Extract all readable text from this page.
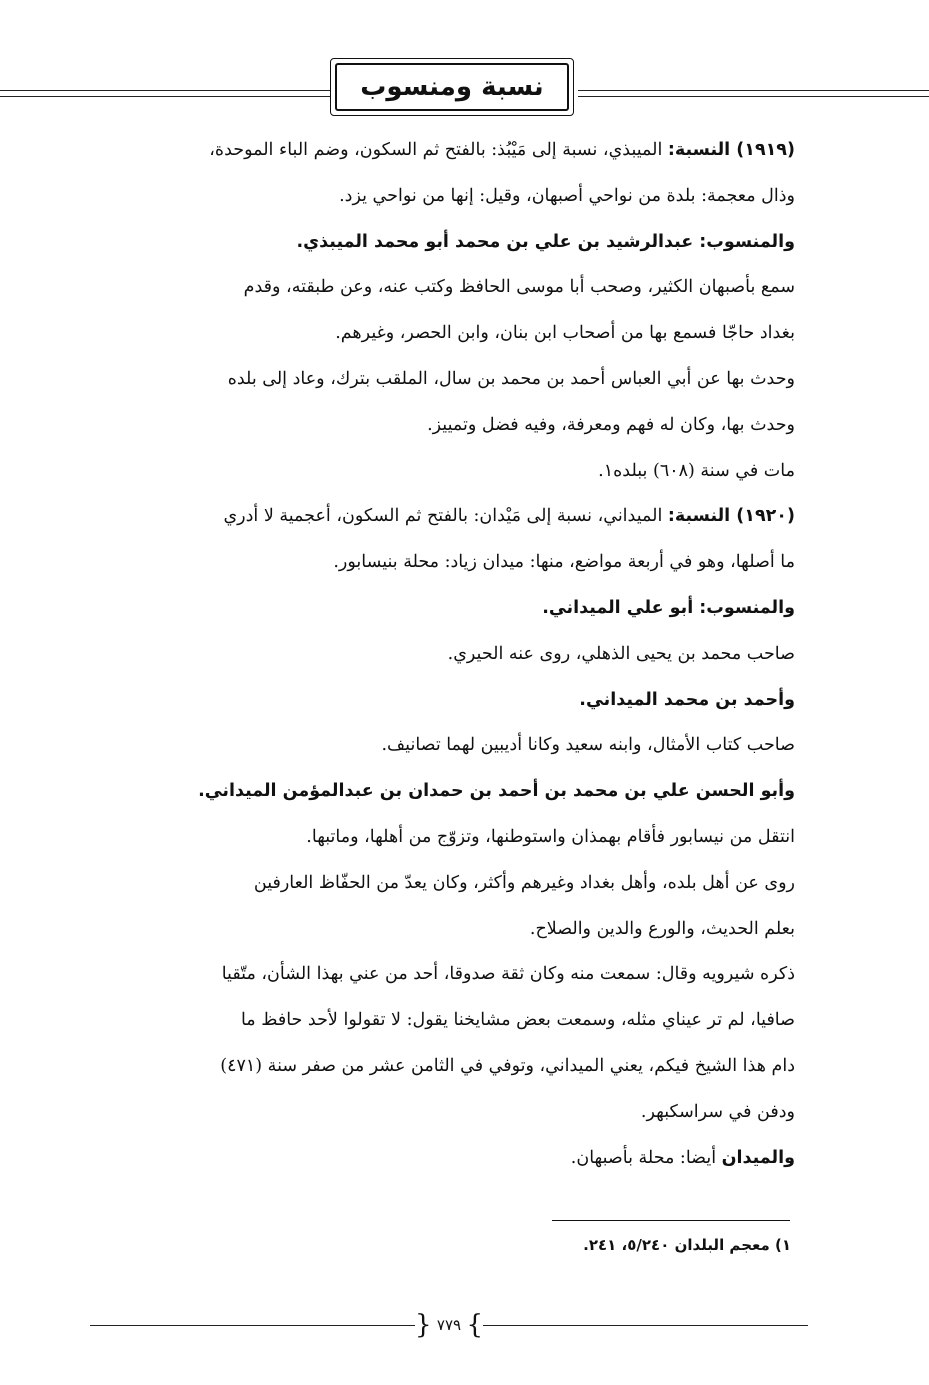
نسبة ومنسوب
(١٩١٩) النسبة: الميبذي، نسبة إلى مَيْبُذ: بالفتح ثم السكون، وضم الباء الموحدة،
وذال معجمة: بلدة من نواحي أصبهان، وقيل: إنها من نواحي يزد.
والمنسوب: عبدالرشيد بن علي بن محمد أبو محمد الميبذي.
سمع بأصبهان الكثير، وصحب أبا موسى الحافظ وكتب عنه، وعن طبقته، وقدم
بغداد حاجّا فسمع بها من أصحاب ابن بنان، وابن الحصر، وغيرهم.
وحدث بها عن أبي العباس أحمد بن محمد بن سال، الملقب بترك، وعاد إلى بلده
وحدث بها، وكان له فهم ومعرفة، وفيه فضل وتمييز.
مات في سنة (٦٠٨) ببلده١.
(١٩٢٠) النسبة: الميداني، نسبة إلى مَيْدان: بالفتح ثم السكون، أعجمية لا أدري
ما أصلها، وهو في أربعة مواضع، منها: ميدان زياد: محلة بنيسابور.
والمنسوب: أبو علي الميداني.
صاحب محمد بن يحيى الذهلي، روى عنه الحيري.
وأحمد بن محمد الميداني.
صاحب كتاب الأمثال، وابنه سعيد وكانا أديبين لهما تصانيف.
وأبو الحسن علي بن محمد بن أحمد بن حمدان بن عبدالمؤمن الميداني.
انتقل من نيسابور فأقام بهمذان واستوطنها، وتزوّج من أهلها، وماتبها.
روى عن أهل بلده، وأهل بغداد وغيرهم وأكثر، وكان يعدّ من الحفّاظ العارفين
بعلم الحديث، والورع والدين والصلاح.
ذكره شيرويه وقال: سمعت منه وكان ثقة صدوقا، أحد من عني بهذا الشأن، متّقيا
صافيا، لم تر عيناي مثله، وسمعت بعض مشايخنا يقول: لا تقولوا لأحد حافظ ما
دام هذا الشيخ فيكم، يعني الميداني، وتوفي في الثامن عشر من صفر سنة (٤٧١)
ودفن في سراسكبهر.
والميدان أيضا: محلة بأصبهان.
١) معجم البلدان ٥/٢٤٠، ٢٤١.
{ ٧٧٩ }
